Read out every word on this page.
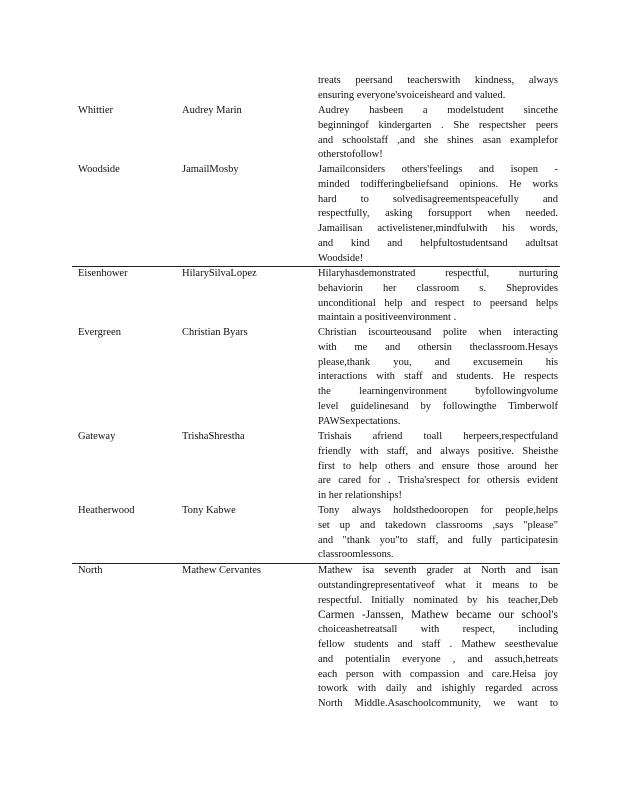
treats peersand teacherswith kindness, always
ensuring everyone'svoiceisheard and valued.
Whittier	Audrey Marin	Audrey hasbeen a modelstudent sincethe
beginningof kindergarten . She respectsher peers
and schoolstaff ,and she shines asan examplefor
otherstofollow!
Woodside	JamailMosby	Jamailconsiders others'feelings and isopen -
minded todifferingbeliefsand opinions. He works
hard to solvedisagreementspeacefully and
respectfully, asking forsupport when needed.
Jamailisan activelistener,mindfulwith his words,
and kind and helpfultostudentsand adultsat
Woodside!
Eisenhower	HilarySilvaLopez	Hilaryhasdemonstrated respectful, nurturing
behaviorin her classroom s. Sheprovides
unconditional help and respect to peersand helps
maintain a positiveenvironment .
Evergreen	Christian Byars	Christian iscourteousand polite when interacting
with me and othersin theclassroom.Hesays
please,thank you, and excusemein his
interactions with staff and students. He respects
the learningenvironment byfollowingvolume
level guidelinesand by followingthe Timberwolf
PAWSexpectations.
Gateway	TrishaShrestha	Trishais afriend toall herpeers,respectfuland
friendly with staff, and always positive. Sheisthe
first to help others and ensure those around her
are cared for . Trisha'srespect for othersis evident
in her relationships!
Heatherwood	Tony Kabwe	Tony always holdsthedooropen for people,helps
set up and takedown classrooms ,says "please"
and "thank you"to staff, and fully participatesin
classroomlessons.
North	Mathew Cervantes	Mathew isa seventh grader at North and isan
outstandingrepresentativeof what it means to be
respectful. Initially nominated by his teacher,Deb
Carmen -Janssen, Mathew became our school's
choiceashetreatsall with respect, including
fellow students and staff . Mathew seesthevalue
and potentialin everyone , and assuch,hetreats
each person with compassion and care.Heisa joy
towork with daily and ishighly regarded across
North Middle.Asaschoolcommunity, we want to
